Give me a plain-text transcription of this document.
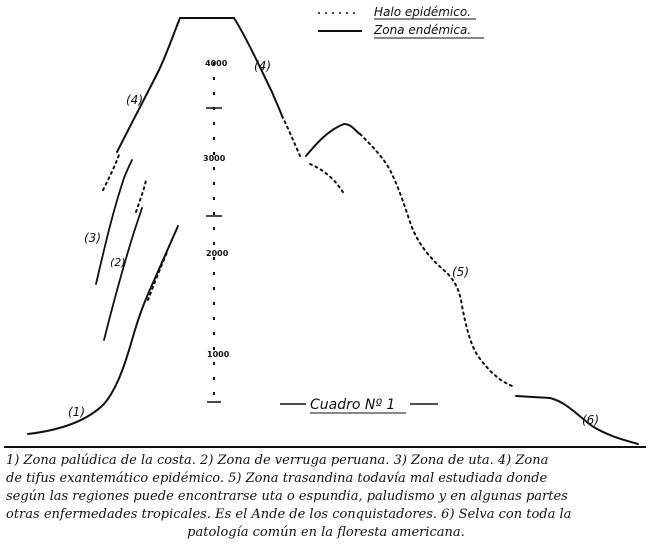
Halo epidémico.
Zona endémica.
4000
3000
2000
1000
(1)
(2)
(3)
(4)
(4)
(5)
(6)
Cuadro Nº 1
1) Zona palúdica de la costa. 2) Zona de verruga peruana. 3) Zona de uta. 4) Zona
de tifus exantemático epidémico. 5) Zona trasandina todavía mal estudiada donde
según las regiones puede encontrarse uta o espundia, paludismo y en algunas partes
otras enfermedades tropicales. Es el Ande de los conquistadores. 6) Selva con toda la

patología común en la floresta americana.
